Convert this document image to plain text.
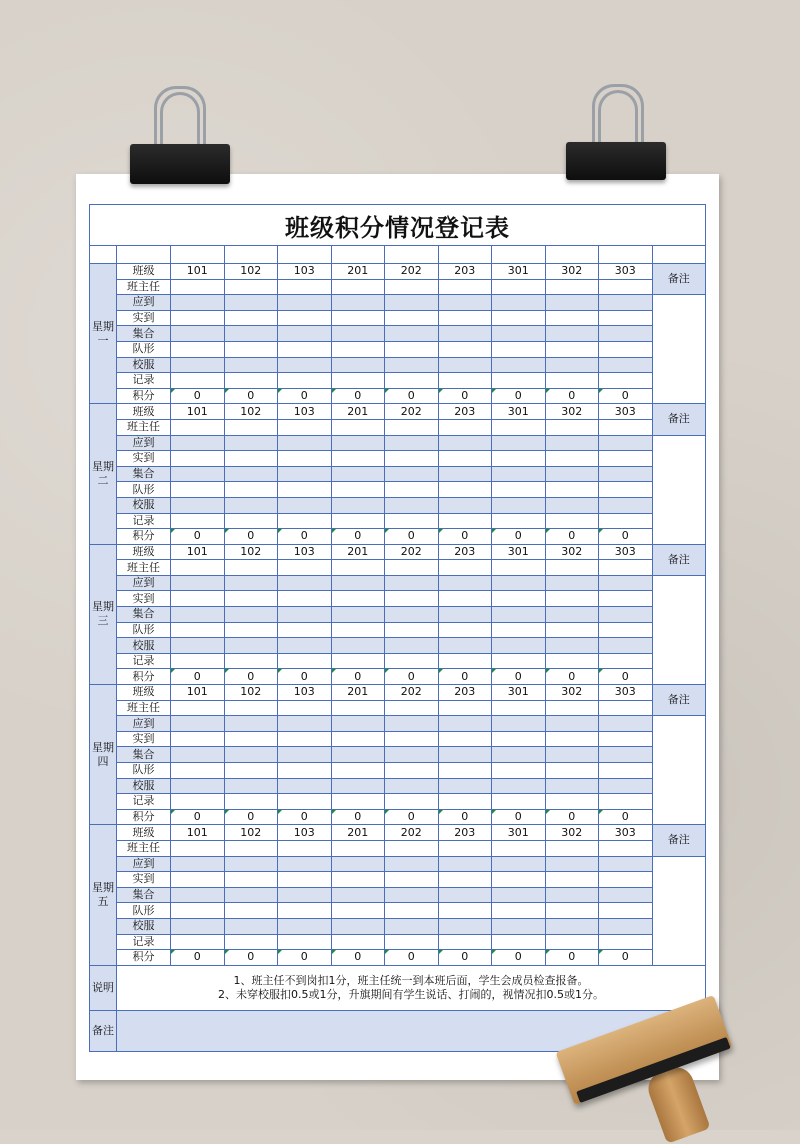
班级积分情况登记表
星期
一	班级	101	102	103	201	202	203	301	302	303	备注
	班主任										
	应到										
	实到										
	集合										
	队形										
	校服										
	记录										
	积分	0	0	0	0	0	0	0	0	0	

星期
二	班级	101	102	103	201	202	203	301	302	303	备注
	班主任										
	应到										
	实到										
	集合										
	队形										
	校服										
	记录										
	积分	0	0	0	0	0	0	0	0	0	

星期
三	班级	101	102	103	201	202	203	301	302	303	备注
	班主任										
	应到										
	实到										
	集合										
	队形										
	校服										
	记录										
	积分	0	0	0	0	0	0	0	0	0	

星期
四	班级	101	102	103	201	202	203	301	302	303	备注
	班主任										
	应到										
	实到										
	集合										
	队形										
	校服										
	记录										
	积分	0	0	0	0	0	0	0	0	0	

星期
五	班级	101	102	103	201	202	203	301	302	303	备注
	班主任										
	应到										
	实到										
	集合										
	队形										
	校服										
	记录										
	积分	0	0	0	0	0	0	0	0	0	
说明	1、班主任不到岗扣1分，班主任统一到本班后面，学生会成员检查报备。
2、未穿校服扣0.5或1分，升旗期间有学生说话、打闹的，视情况扣0.5或1分。										

备注											
